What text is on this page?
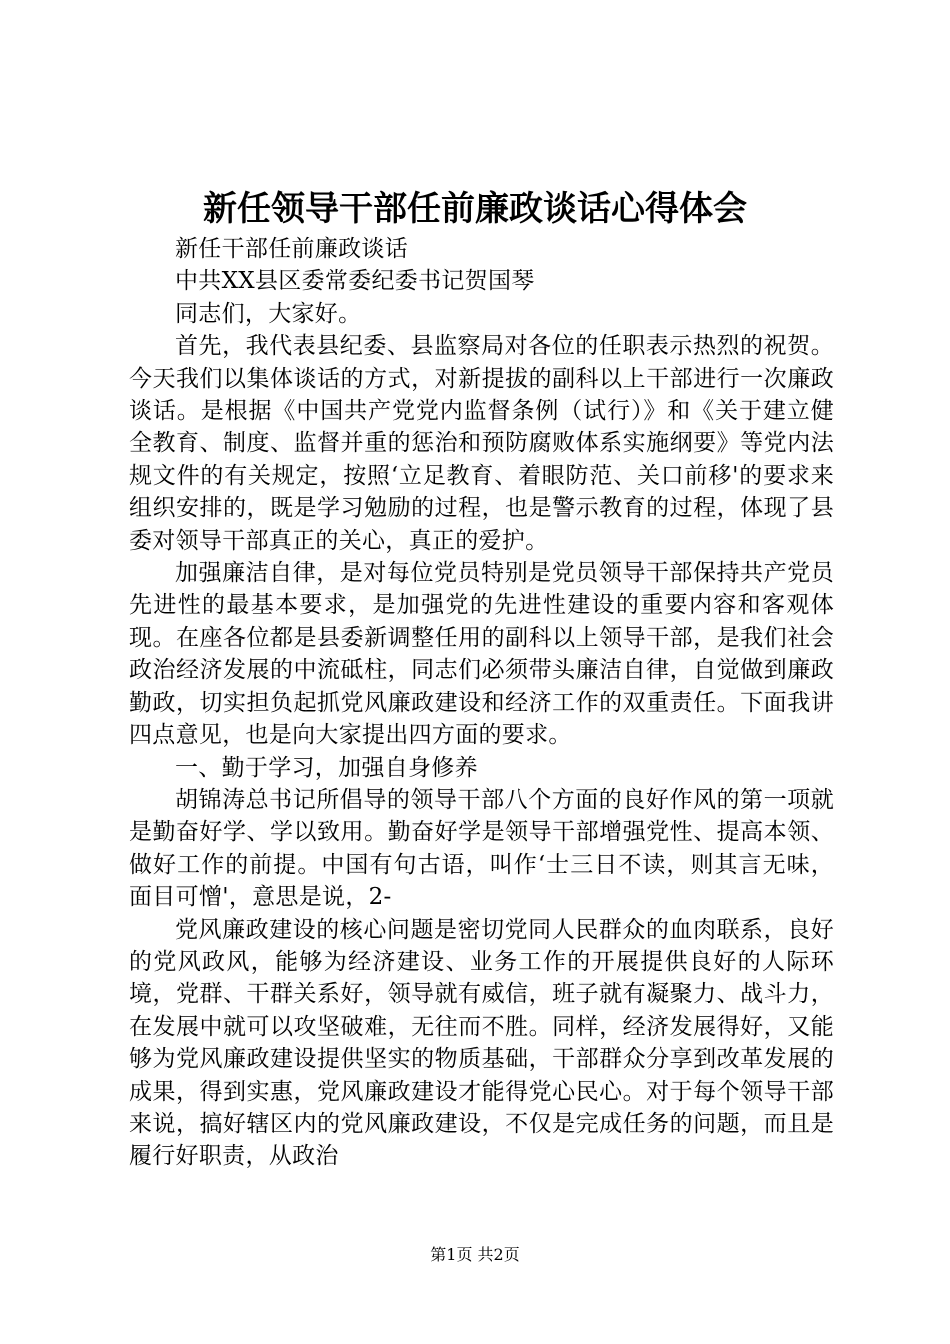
新任领导干部任前廉政谈话心得体会

新任干部任前廉政谈话

中共XX县区委常委纪委书记贺国琴

同志们，大家好。

首先，我代表县纪委、县监察局对各位的任职表示热烈的祝贺。今天我们以集体谈话的方式，对新提拔的副科以上干部进行一次廉政谈话。是根据《中国共产党党内监督条例（试行）》和《关于建立健全教育、制度、监督并重的惩治和预防腐败体系实施纲要》等党内法规文件的有关规定，按照‘立足教育、着眼防范、关口前移'的要求来组织安排的，既是学习勉励的过程，也是警示教育的过程，体现了县委对领导干部真正的关心，真正的爱护。

加强廉洁自律，是对每位党员特别是党员领导干部保持共产党员先进性的最基本要求，是加强党的先进性建设的重要内容和客观体现。在座各位都是县委新调整任用的副科以上领导干部，是我们社会政治经济发展的中流砥柱，同志们必须带头廉洁自律，自觉做到廉政勤政，切实担负起抓党风廉政建设和经济工作的双重责任。下面我讲四点意见，也是向大家提出四方面的要求。

一、勤于学习，加强自身修养

胡锦涛总书记所倡导的领导干部八个方面的良好作风的第一项就是勤奋好学、学以致用。勤奋好学是领导干部增强党性、提高本领、做好工作的前提。中国有句古语，叫作‘士三日不读，则其言无味，面目可憎'，意思是说，2-

党风廉政建设的核心问题是密切党同人民群众的血肉联系，良好的党风政风，能够为经济建设、业务工作的开展提供良好的人际环境，党群、干群关系好，领导就有威信，班子就有凝聚力、战斗力，在发展中就可以攻坚破难，无往而不胜。同样，经济发展得好，又能够为党风廉政建设提供坚实的物质基础，干部群众分享到改革发展的成果，得到实惠，党风廉政建设才能得党心民心。对于每个领导干部来说，搞好辖区内的党风廉政建设，不仅是完成任务的问题，而且是履行好职责，从政治

第1页 共2页
